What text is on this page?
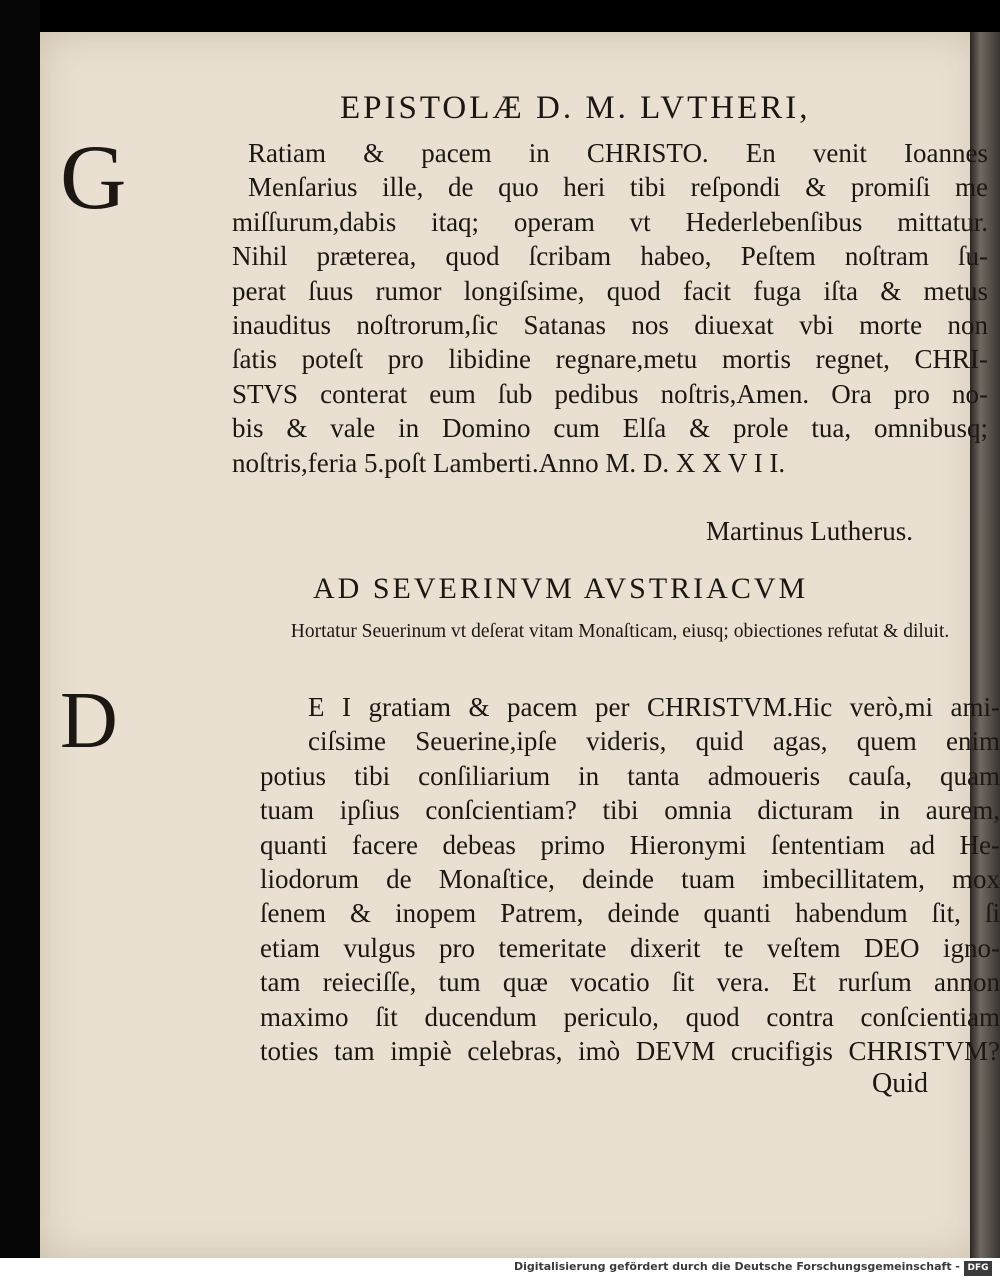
EPISTOLÆ D. M. LVTHERI,
G	Ratiam & pacem in CHRISTO. En venit Ioannes
Menſarius ille, de quo heri tibi reſpondi & promiſi me
miſſurum,dabis itaq; operam vt Hederlebenſibus mittatur.
Nihil præterea, quod ſcribam habeo, Peſtem noſtram ſu-
perat ſuus rumor longiſsime, quod facit fuga iſta & metus
inauditus noſtrorum,ſic Satanas nos diuexat vbi morte non
ſatis poteſt pro libidine regnare,metu mortis regnet, CHRI-
STVS conterat eum ſub pedibus noſtris,Amen. Ora pro no-
bis & vale in Domino cum Elſa & prole tua, omnibusq;
noſtris,feria 5.poſt Lamberti.Anno M. D. X X V I I.
Martinus Lutherus.
AD SEVERINVM AVSTRIACVM
Hortatur Seuerinum vt deſerat vitam Monaſticam, eiusq; obiectiones refutat & diluit.
D	E I gratiam & pacem per CHRISTVM.Hic verò,mi ami-
ciſsime Seuerine,ipſe videris, quid agas, quem enim
potius tibi conſiliarium in tanta admoueris cauſa, quam
tuam ipſius conſcientiam? tibi omnia dicturam in aurem,
quanti facere debeas primo Hieronymi ſententiam ad He-
liodorum de Monaſtice, deinde tuam imbecillitatem, mox
ſenem & inopem Patrem, deinde quanti habendum ſit, ſi
etiam vulgus pro temeritate dixerit te veſtem DEO igno-
tam reieciſſe, tum quæ vocatio ſit vera. Et rurſum annon
maximo ſit ducendum periculo, quod contra conſcientiam
toties tam impiè celebras, imò DEVM crucifigis CHRISTVM?
Quid
Digitalisierung gefördert durch die Deutsche Forschungsgemeinschaft - DFG
